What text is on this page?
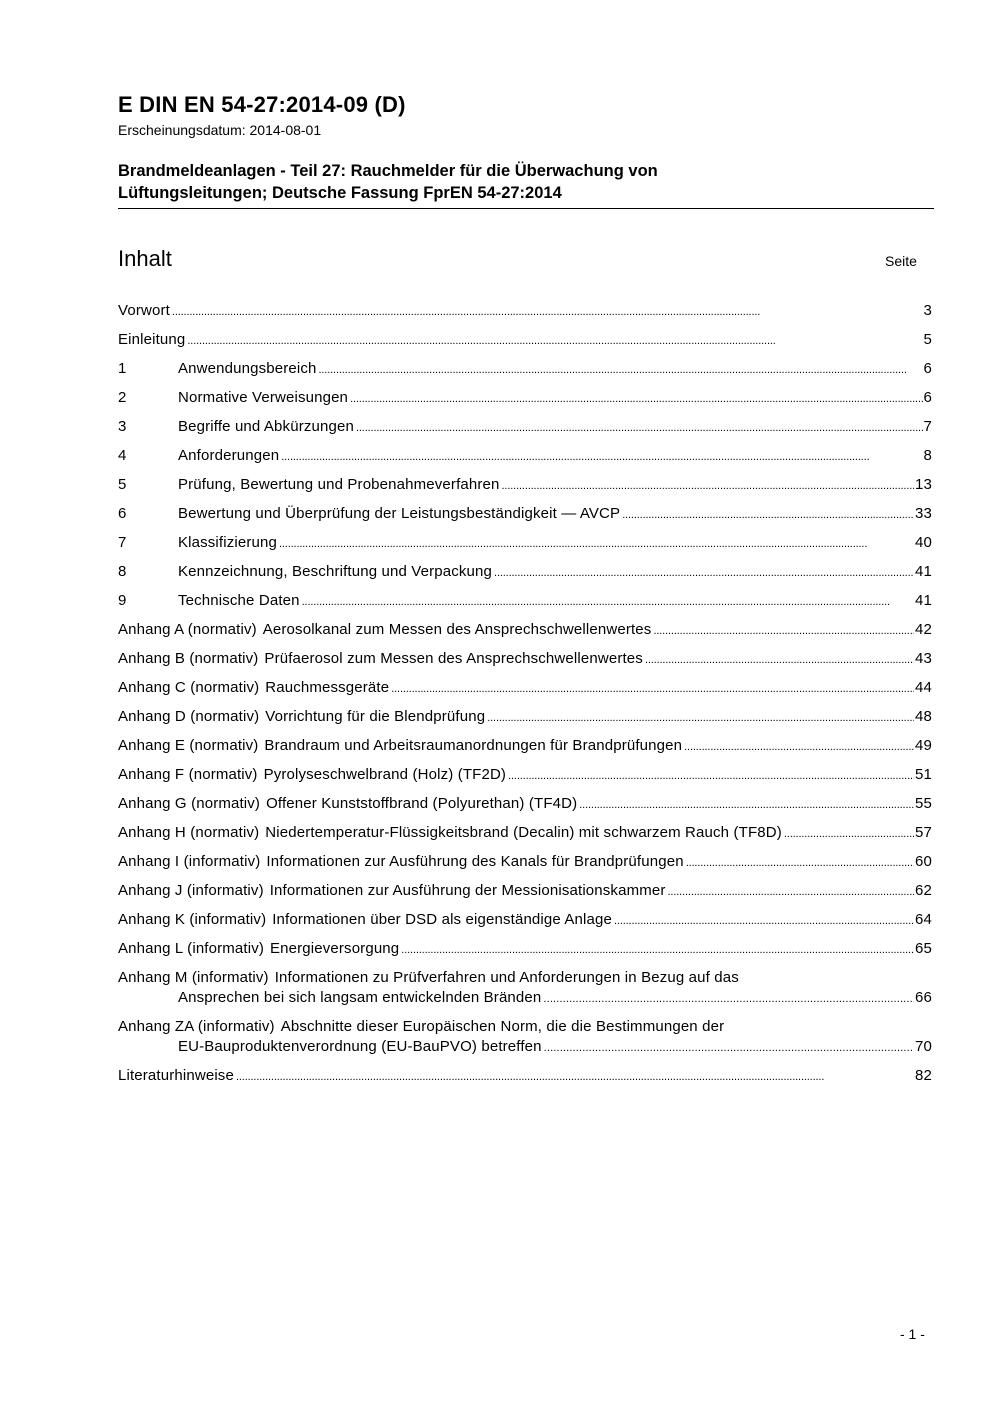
E DIN EN 54-27:2014-09 (D)

Erscheinungsdatum: 2014-08-01

Brandmeldeanlagen - Teil 27: Rauchmelder für die Überwachung von
Lüftungsleitungen; Deutsche Fassung FprEN 54-27:2014
Inhalt	Seite

Vorwort . . .	3
Einleitung . . .	5
1	Anwendungsbereich . . .	6
2	Normative Verweisungen . . .	6
3	Begriffe und Abkürzungen . . .	7
4	Anforderungen . . .	8
5	Prüfung, Bewertung und Probenahmeverfahren . . .	13
6	Bewertung und Überprüfung der Leistungsbeständigkeit — AVCP . . .	33
7	Klassifizierung . . .	40
8	Kennzeichnung, Beschriftung und Verpackung . . .	41
9	Technische Daten . . .	41
Anhang A (normativ) Aerosolkanal zum Messen des Ansprechschwellenwertes . . .	42
Anhang B (normativ) Prüfaerosol zum Messen des Ansprechschwellenwertes . . .	43
Anhang C (normativ) Rauchmessgeräte . . .	44
Anhang D (normativ) Vorrichtung für die Blendprüfung . . .	48
Anhang E (normativ) Brandraum und Arbeitsraumanordnungen für Brandprüfungen . . .	49
Anhang F (normativ) Pyrolyseschwelbrand (Holz) (TF2D) . . .	51
Anhang G (normativ) Offener Kunststoffbrand (Polyurethan) (TF4D) . . .	55
Anhang H (normativ) Niedertemperatur-Flüssigkeitsbrand (Decalin) mit schwarzem Rauch (TF8D) . . .	57
Anhang I (informativ) Informationen zur Ausführung des Kanals für Brandprüfungen . . .	60
Anhang J (informativ) Informationen zur Ausführung der Messionisationskammer . . .	62
Anhang K (informativ) Informationen über DSD als eigenständige Anlage . . .	64
Anhang L (informativ) Energieversorgung . . .	65
Anhang M (informativ) Informationen zu Prüfverfahren und Anforderungen in Bezug auf das
Ansprechen bei sich langsam entwickelnden Bränden . . .	66
Anhang ZA (informativ) Abschnitte dieser Europäischen Norm, die die Bestimmungen der
EU-Bauproduktenverordnung (EU-BauPVO) betreffen . . .	70
Literaturhinweise . . .	82

- 1 -
